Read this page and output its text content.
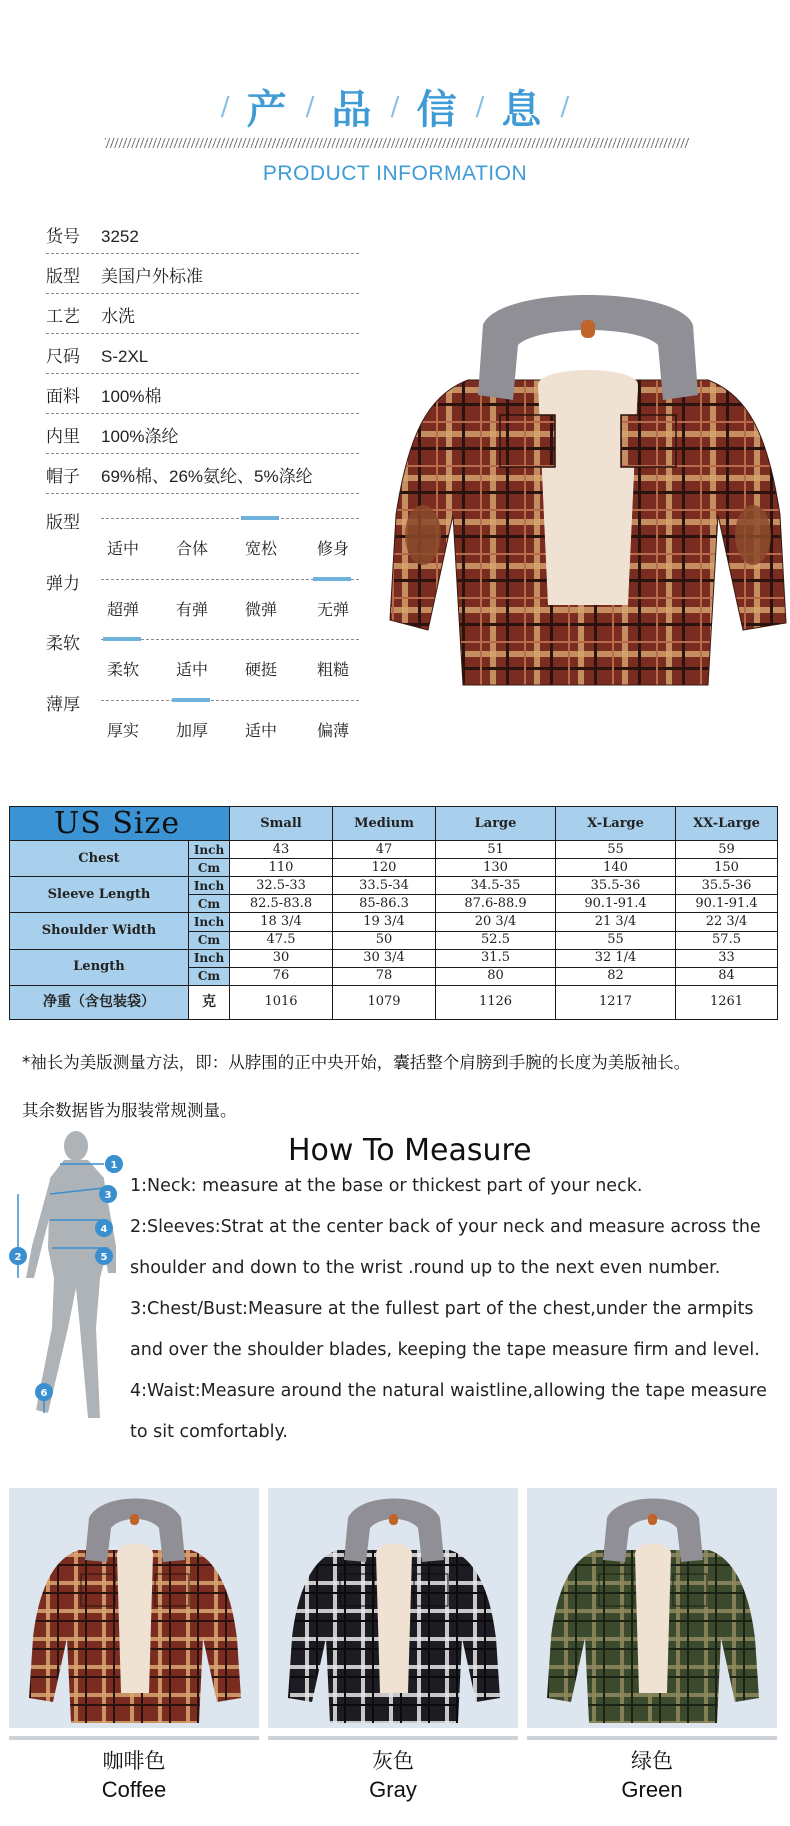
/ 产 / 品 / 信 / 息 /
PRODUCT INFORMATION
货号 3252
版型 美国户外标准
工艺 水洗
尺码 S-2XL
面料 100%棉
内里 100%涤纶
帽子 69%棉、26%氨纶、5%涤纶
版型
适中 合体 宽松 修身
弹力
超弹 有弹 微弹 无弹
柔软
柔软 适中 硬挺 粗糙
薄厚
厚实 加厚 适中 偏薄
US Size		Small	Medium	Large	X-Large	XX-Large
Chest	Inch	43	47	51	55	59
	Cm	110	120	130	140	150
Sleeve Length	Inch	32.5-33	33.5-34	34.5-35	35.5-36	35.5-36
	Cm	82.5-83.8	85-86.3	87.6-88.9	90.1-91.4	90.1-91.4
Shoulder Width	Inch	18 3/4	19 3/4	20 3/4	21 3/4	22 3/4
	Cm	47.5	50	52.5	55	57.5
Length	Inch	30	30 3/4	31.5	32 1/4	33
	Cm	76	78	80	82	84
净重（含包装袋）	克	1016	1079	1126	1217	1261
*袖长为美版测量方法，即：从脖围的正中央开始，囊括整个肩膀到手腕的长度为美版袖长。
其余数据皆为服装常规测量。
1
3
4
2	5
6
How To Measure
1:Neck: measure at the base or thickest part of your neck.
2:Sleeves:Strat at the center back of your neck and measure across the
shoulder and down to the wrist .round up to the next even number.
3:Chest/Bust:Measure at the fullest part of the chest,under the armpits
and over the shoulder blades, keeping the tape measure firm and level.
4:Waist:Measure around the natural waistline,allowing the tape measure
to sit comfortably.
咖啡色
Coffee
灰色
Gray
绿色
Green
